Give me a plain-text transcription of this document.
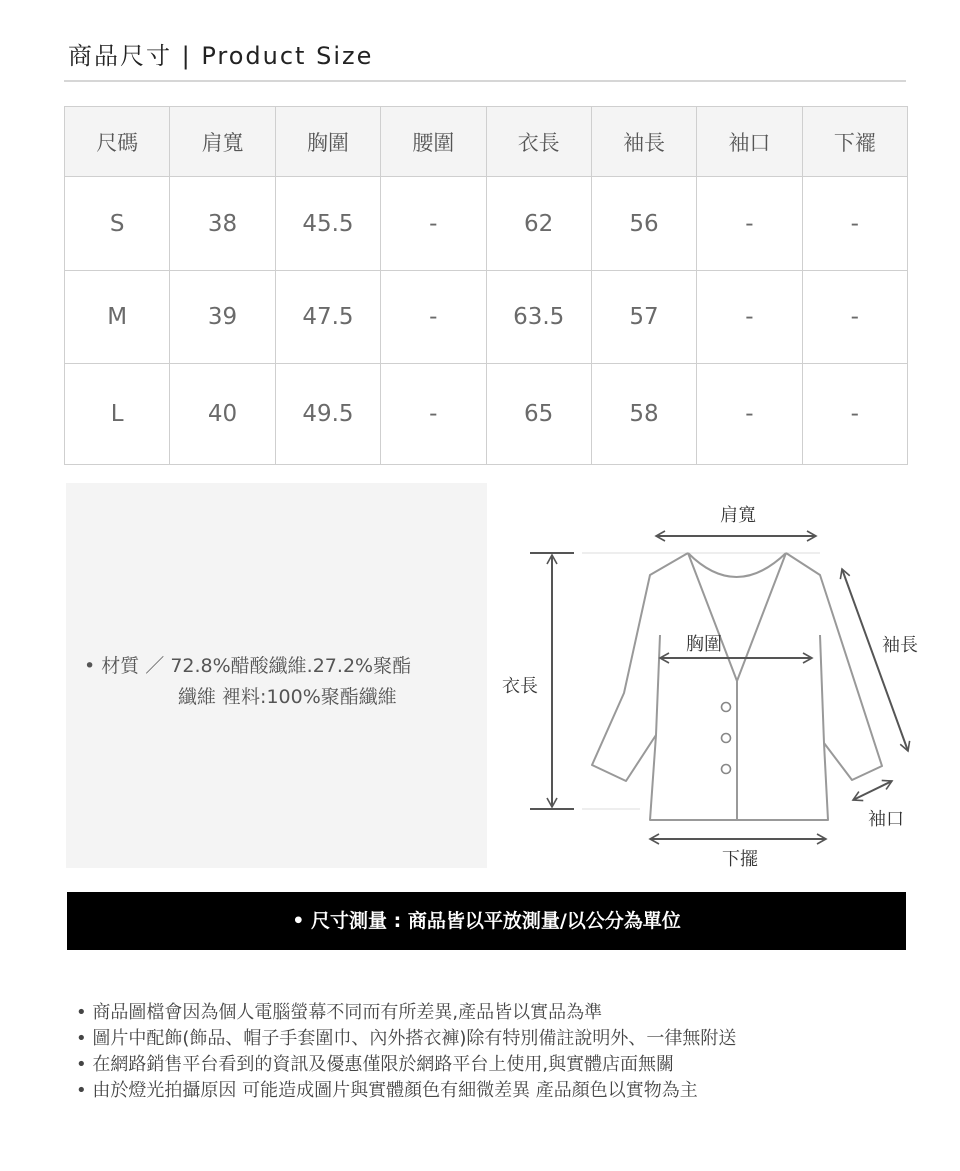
商品尺寸 | Product Size
尺碼	肩寬	胸圍	腰圍	衣長	袖長	袖口	下襬
S	38	45.5	-	62	56	-	-
M	39	47.5	-	63.5	57	-	-
L	40	49.5	-	65	58	-	-
• 材質 ／ 72.8%醋酸纖維.27.2%聚酯
纖維 裡料:100%聚酯纖維
肩寬
衣長
胸圍	袖長
袖口
下擺
• 尺寸測量 : 商品皆以平放測量/以公分為單位
• 商品圖檔會因為個人電腦螢幕不同而有所差異,產品皆以實品為準
• 圖片中配飾(飾品、帽子手套圍巾、內外搭衣褲)除有特別備註說明外、一律無附送
• 在網路銷售平台看到的資訊及優惠僅限於網路平台上使用,與實體店面無關
• 由於燈光拍攝原因 可能造成圖片與實體顏色有細微差異 產品顏色以實物為主
